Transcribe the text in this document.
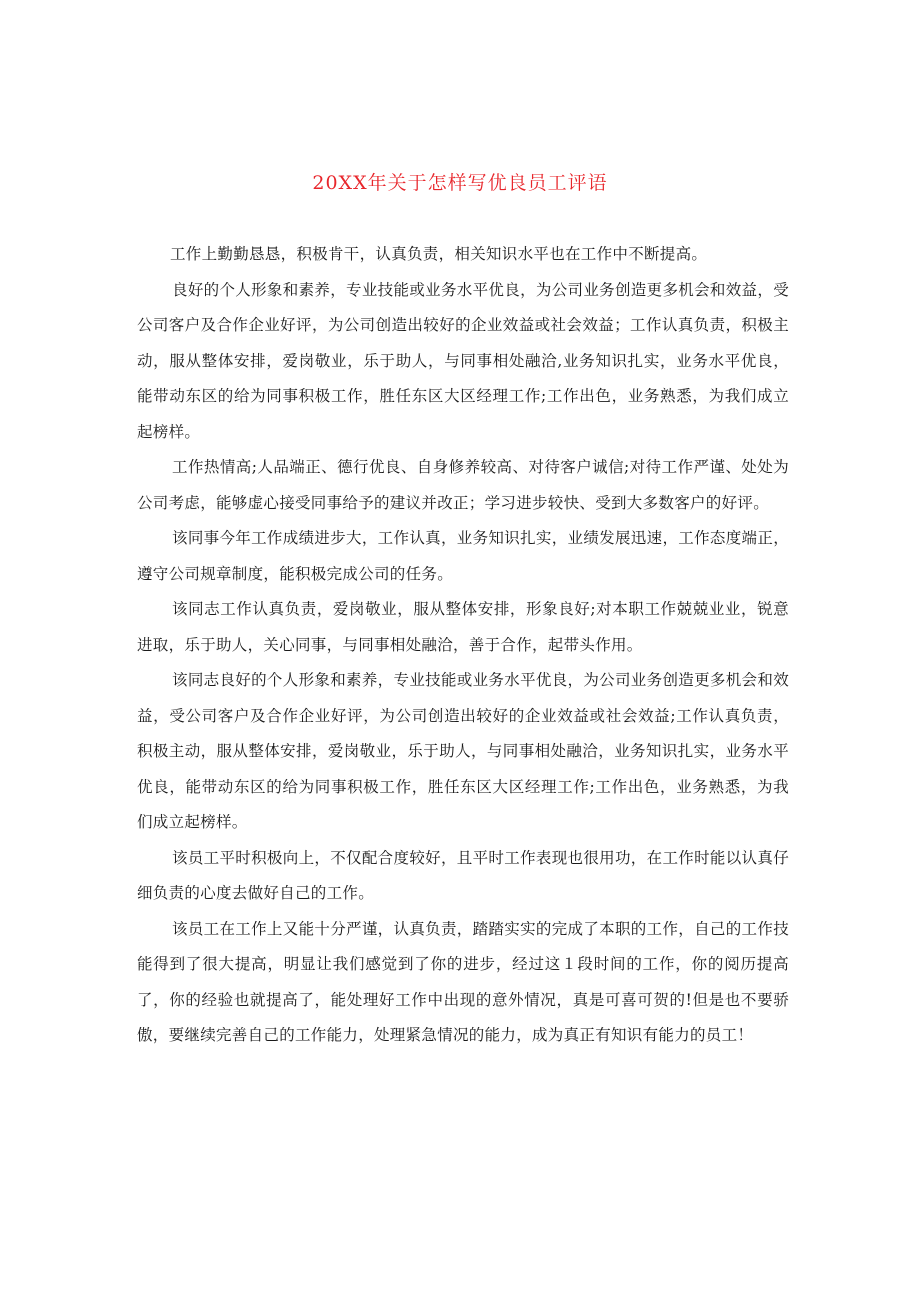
20XX年关于怎样写优良员工评语

工作上勤勤恳恳，积极肯干，认真负责，相关知识水平也在工作中不断提高。

良好的个人形象和素养，专业技能或业务水平优良，为公司业务创造更多机会和效益，受公司客户及合作企业好评，为公司创造出较好的企业效益或社会效益；工作认真负责，积极主动，服从整体安排，爱岗敬业，乐于助人，与同事相处融洽,业务知识扎实，业务水平优良，能带动东区的给为同事积极工作，胜任东区大区经理工作;工作出色，业务熟悉，为我们成立起榜样。

工作热情高;人品端正、德行优良、自身修养较高、对待客户诚信;对待工作严谨、处处为公司考虑，能够虚心接受同事给予的建议并改正；学习进步较快、受到大多数客户的好评。

该同事今年工作成绩进步大，工作认真，业务知识扎实，业绩发展迅速，工作态度端正，遵守公司规章制度，能积极完成公司的任务。

该同志工作认真负责，爱岗敬业，服从整体安排，形象良好;对本职工作兢兢业业，锐意进取，乐于助人，关心同事，与同事相处融洽，善于合作，起带头作用。

该同志良好的个人形象和素养，专业技能或业务水平优良，为公司业务创造更多机会和效益，受公司客户及合作企业好评，为公司创造出较好的企业效益或社会效益;工作认真负责，积极主动，服从整体安排，爱岗敬业，乐于助人，与同事相处融洽，业务知识扎实，业务水平优良，能带动东区的给为同事积极工作，胜任东区大区经理工作;工作出色，业务熟悉，为我们成立起榜样。

该员工平时积极向上，不仅配合度较好，且平时工作表现也很用功，在工作时能以认真仔细负责的心度去做好自己的工作。

该员工在工作上又能十分严谨，认真负责，踏踏实实的完成了本职的工作，自己的工作技能得到了很大提高，明显让我们感觉到了你的进步，经过这１段时间的工作，你的阅历提高了，你的经验也就提高了，能处理好工作中出现的意外情况，真是可喜可贺的!但是也不要骄傲，要继续完善自己的工作能力，处理紧急情况的能力，成为真正有知识有能力的员工！
